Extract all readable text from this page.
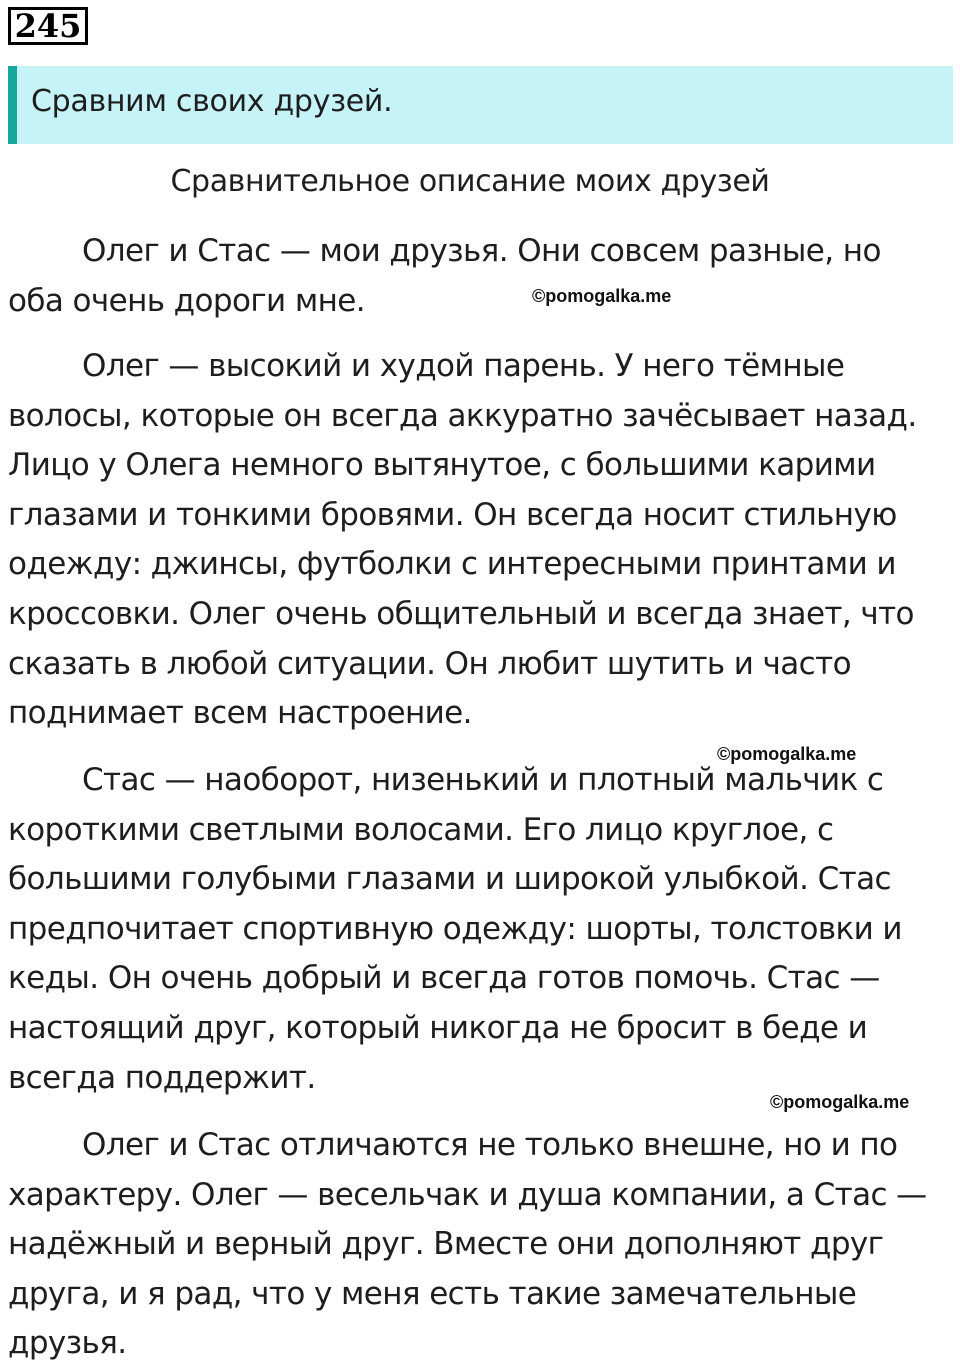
245
Сравним своих друзей.
Сравнительное описание моих друзей
Олег и Стас — мои друзья. Они совсем разные, но
оба очень дороги мне.	©pomogalka.me
Олег — высокий и худой парень. У него тёмные
волосы, которые он всегда аккуратно зачёсывает назад.
Лицо у Олега немного вытянутое, с большими карими
глазами и тонкими бровями. Он всегда носит стильную
одежду: джинсы, футболки с интересными принтами и
кроссовки. Олег очень общительный и всегда знает, что
сказать в любой ситуации. Он любит шутить и часто
поднимает всем настроение.
©pomogalka.me
Стас — наоборот, низенький и плотный мальчик с
короткими светлыми волосами. Его лицо круглое, с
большими голубыми глазами и широкой улыбкой. Стас
предпочитает спортивную одежду: шорты, толстовки и
кеды. Он очень добрый и всегда готов помочь. Стас —
настоящий друг, который никогда не бросит в беде и
всегда поддержит.
©pomogalka.me
Олег и Стас отличаются не только внешне, но и по
характеру. Олег — весельчак и душа компании, а Стас —
надёжный и верный друг. Вместе они дополняют друг
друга, и я рад, что у меня есть такие замечательные
друзья.
